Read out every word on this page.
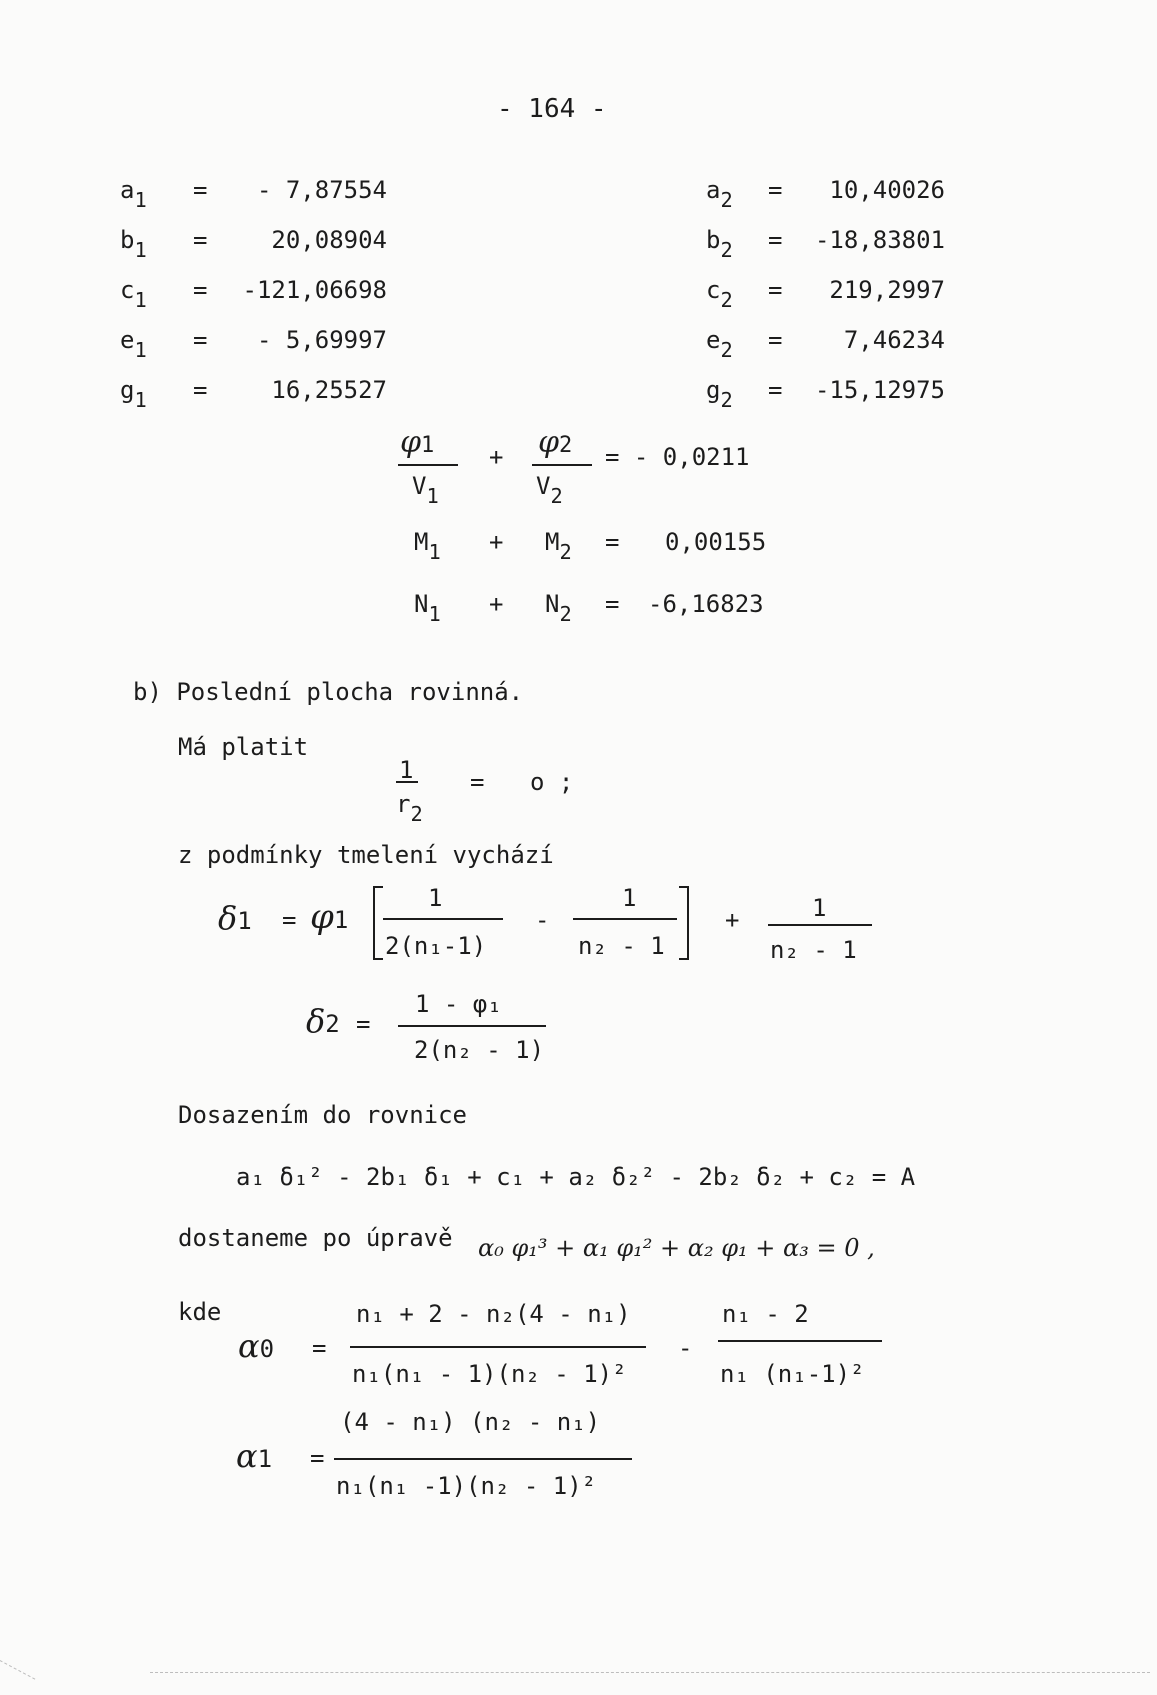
- 164 -
$a_1$ = - 7,87554
$b_1$ =	20,08904
$c_1 = -121,06698$
$e_1$ = - 5,69997
$g_1$ =	16,25527
$a_2 = 10,40026$
$b_2 = -18,83801$
$c_2 = 219,2997$
$e_2$ =	7,46234
$g_2 = -15,12975$
φ1
$V_1$
+ φ2
$V_2$
= - 0,0211
$M_1 + M_2 = 0,00155$
$N_1 + N_2 = -6,16823$
b) Poslední plocha rovinná.
Má platit
1
$r_2$
= o ;
z podmínky tmelení vychází
δ1 = φ1
1
2(n₁-1)
-
1
n₂ - 1
+	1
n₂ - 1
δ2 =
1 - φ₁
2(n₂ - 1)
Dosazením do rovnice
a₁ δ₁² - 2b₁ δ₁ + c₁ + a₂ δ₂² - 2b₂ δ₂ + c₂ = A
dostaneme po úpravě α₀ φ₁³ + α₁ φ₁² + α₂ φ₁ + α₃ = 0 ,
kde
α0 =
n₁ + 2 - n₂(4 - n₁)
n₁(n₁ - 1)(n₂ - 1)²
-
n₁ - 2
n₁ (n₁-1)²
α1 =
(4 - n₁) (n₂ - n₁)
n₁(n₁ -1)(n₂ - 1)²
